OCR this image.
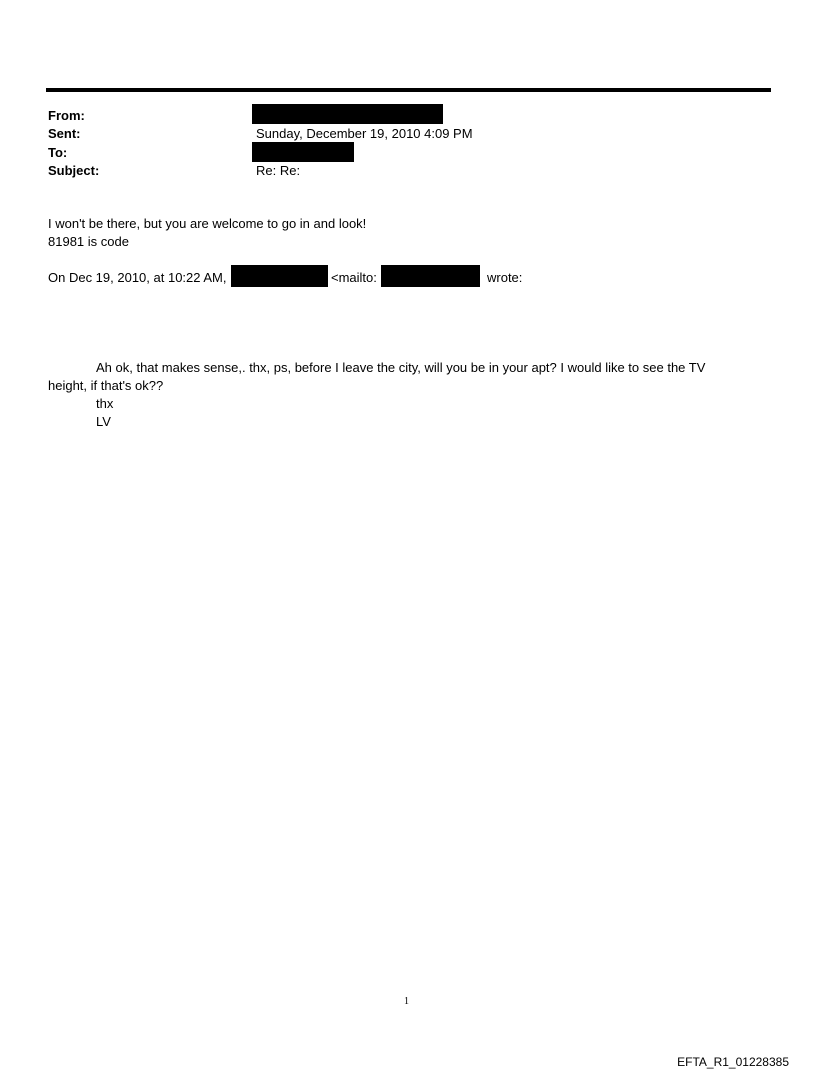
From:
Sent:	Sunday, December 19, 2010 4:09 PM
To:
Subject:	Re: Re:
I won't be there, but you are welcome to go in and look!
81981 is code
On Dec 19, 2010, at 10:22 AM,	<mailto:	wrote:
Ah ok, that makes sense,. thx, ps, before I leave the city, will you be in your apt? I would like to see the TV
height, if that's ok??
thx
LV
1
EFTA_R1_01228385
